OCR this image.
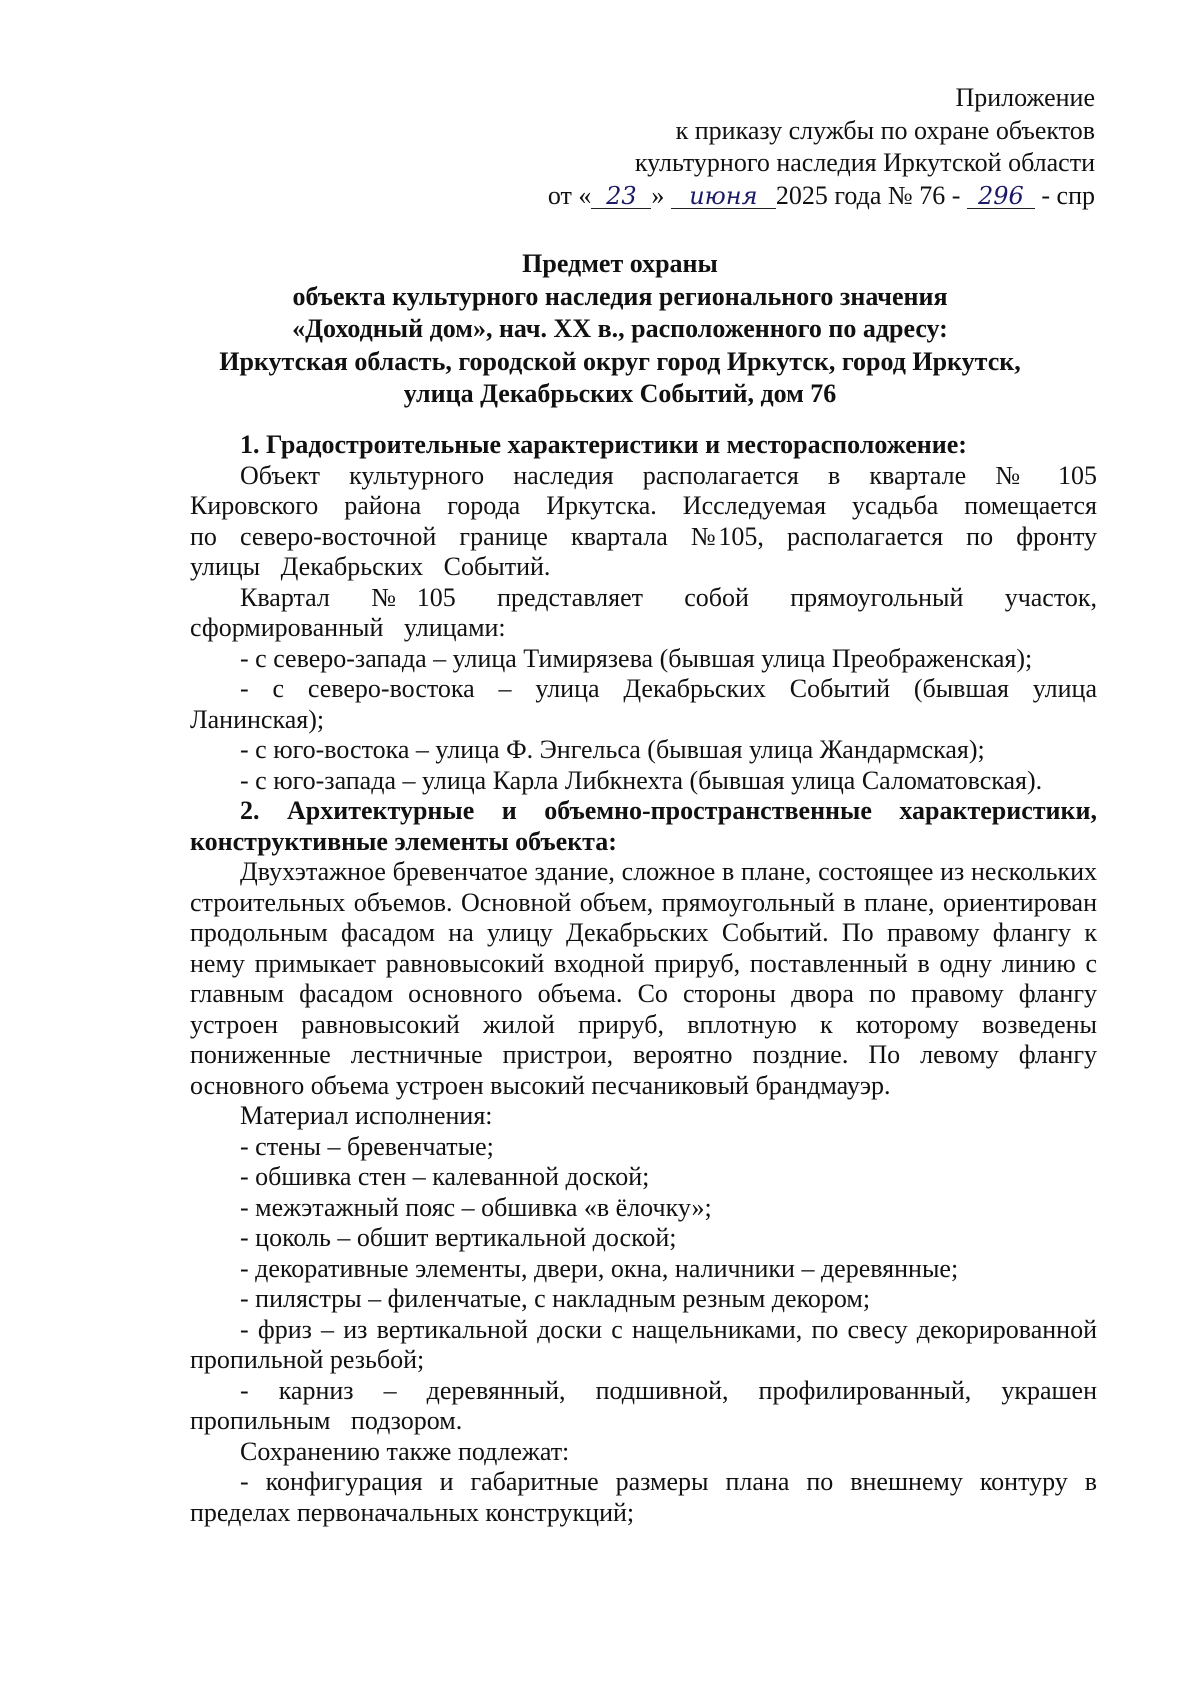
Приложение
к приказу службы по охране объектов
культурного наследия Иркутской области
от « 23 » июня 2025 года № 76 - 296 - спр
Предмет охраны
объекта культурного наследия регионального значения
«Доходный дом», нач. XX в., расположенного по адресу:
Иркутская область, городской округ город Иркутск, город Иркутск,
улица Декабрьских Событий, дом 76
1. Градостроительные характеристики и месторасположение:
Объект культурного наследия располагается в квартале № 105 Кировского района города Иркутска. Исследуемая усадьба помещается по северо-восточной границе квартала №105, располагается по фронту улицы Декабрьских Событий.
Квартал №105 представляет собой прямоугольный участок, сформированный улицами:
- с северо-запада – улица Тимирязева (бывшая улица Преображенская);
- с северо-востока – улица Декабрьских Событий (бывшая улица Ланинская);
- с юго-востока – улица Ф. Энгельса (бывшая улица Жандармская);
- с юго-запада – улица Карла Либкнехта (бывшая улица Саломатовская).
2. Архитектурные и объемно-пространственные характеристики, конструктивные элементы объекта:
Двухэтажное бревенчатое здание, сложное в плане, состоящее из нескольких строительных объемов. Основной объем, прямоугольный в плане, ориентирован продольным фасадом на улицу Декабрьских Событий. По правому флангу к нему примыкает равновысокий входной прируб, поставленный в одну линию с главным фасадом основного объема. Со стороны двора по правому флангу устроен равновысокий жилой прируб, вплотную к которому возведены пониженные лестничные пристрои, вероятно поздние. По левому флангу основного объема устроен высокий песчаниковый брандмауэр.
Материал исполнения:
- стены – бревенчатые;
- обшивка стен – калеванной доской;
- межэтажный пояс – обшивка «в ёлочку»;
- цоколь – обшит вертикальной доской;
- декоративные элементы, двери, окна, наличники – деревянные;
- пилястры – филенчатые, с накладным резным декором;
- фриз – из вертикальной доски с нащельниками, по свесу декорированной пропильной резьбой;
- карниз – деревянный, подшивной, профилированный, украшен пропильным подзором.
Сохранению также подлежат:
- конфигурация и габаритные размеры плана по внешнему контуру в пределах первоначальных конструкций;
